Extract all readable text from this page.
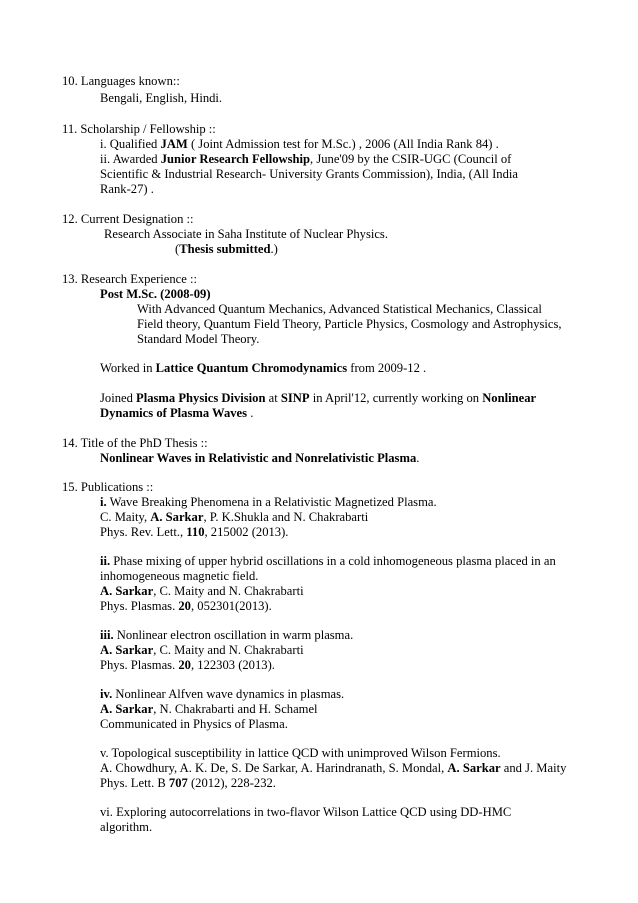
10. Languages known::
Bengali, English, Hindi.
11. Scholarship / Fellowship ::
i. Qualified JAM ( Joint Admission test for M.Sc.) , 2006 (All India Rank 84) .
ii. Awarded Junior Research Fellowship, June'09 by the CSIR-UGC (Council of
Scientific & Industrial Research- University Grants Commission), India, (All India
Rank-27) .
12. Current Designation ::
Research Associate in Saha Institute of Nuclear Physics.
(Thesis submitted.)
13. Research Experience ::
Post M.Sc. (2008-09)
With Advanced Quantum Mechanics, Advanced Statistical Mechanics, Classical
Field theory, Quantum Field Theory, Particle Physics, Cosmology and Astrophysics,
Standard Model Theory.
Worked in Lattice Quantum Chromodynamics from 2009-12 .
Joined Plasma Physics Division at SINP in April'12, currently working on Nonlinear
Dynamics of Plasma Waves .
14. Title of the PhD Thesis ::
Nonlinear Waves in Relativistic and Nonrelativistic Plasma.
15. Publications ::
i. Wave Breaking Phenomena in a Relativistic Magnetized Plasma.
C. Maity, A. Sarkar, P. K.Shukla and N. Chakrabarti
Phys. Rev. Lett., 110, 215002 (2013).
ii. Phase mixing of upper hybrid oscillations in a cold inhomogeneous plasma placed in an
inhomogeneous magnetic field.
A. Sarkar, C. Maity and N. Chakrabarti
Phys. Plasmas. 20, 052301(2013).
iii. Nonlinear electron oscillation in warm plasma.
A. Sarkar, C. Maity and N. Chakrabarti
Phys. Plasmas. 20, 122303 (2013).
iv. Nonlinear Alfven wave dynamics in plasmas.
A. Sarkar, N. Chakrabarti and H. Schamel
Communicated in Physics of Plasma.
v. Topological susceptibility in lattice QCD with unimproved Wilson Fermions.
A. Chowdhury, A. K. De, S. De Sarkar, A. Harindranath, S. Mondal, A. Sarkar and J. Maity
Phys. Lett. B 707 (2012), 228-232.
vi. Exploring autocorrelations in two-flavor Wilson Lattice QCD using DD-HMC
algorithm.
